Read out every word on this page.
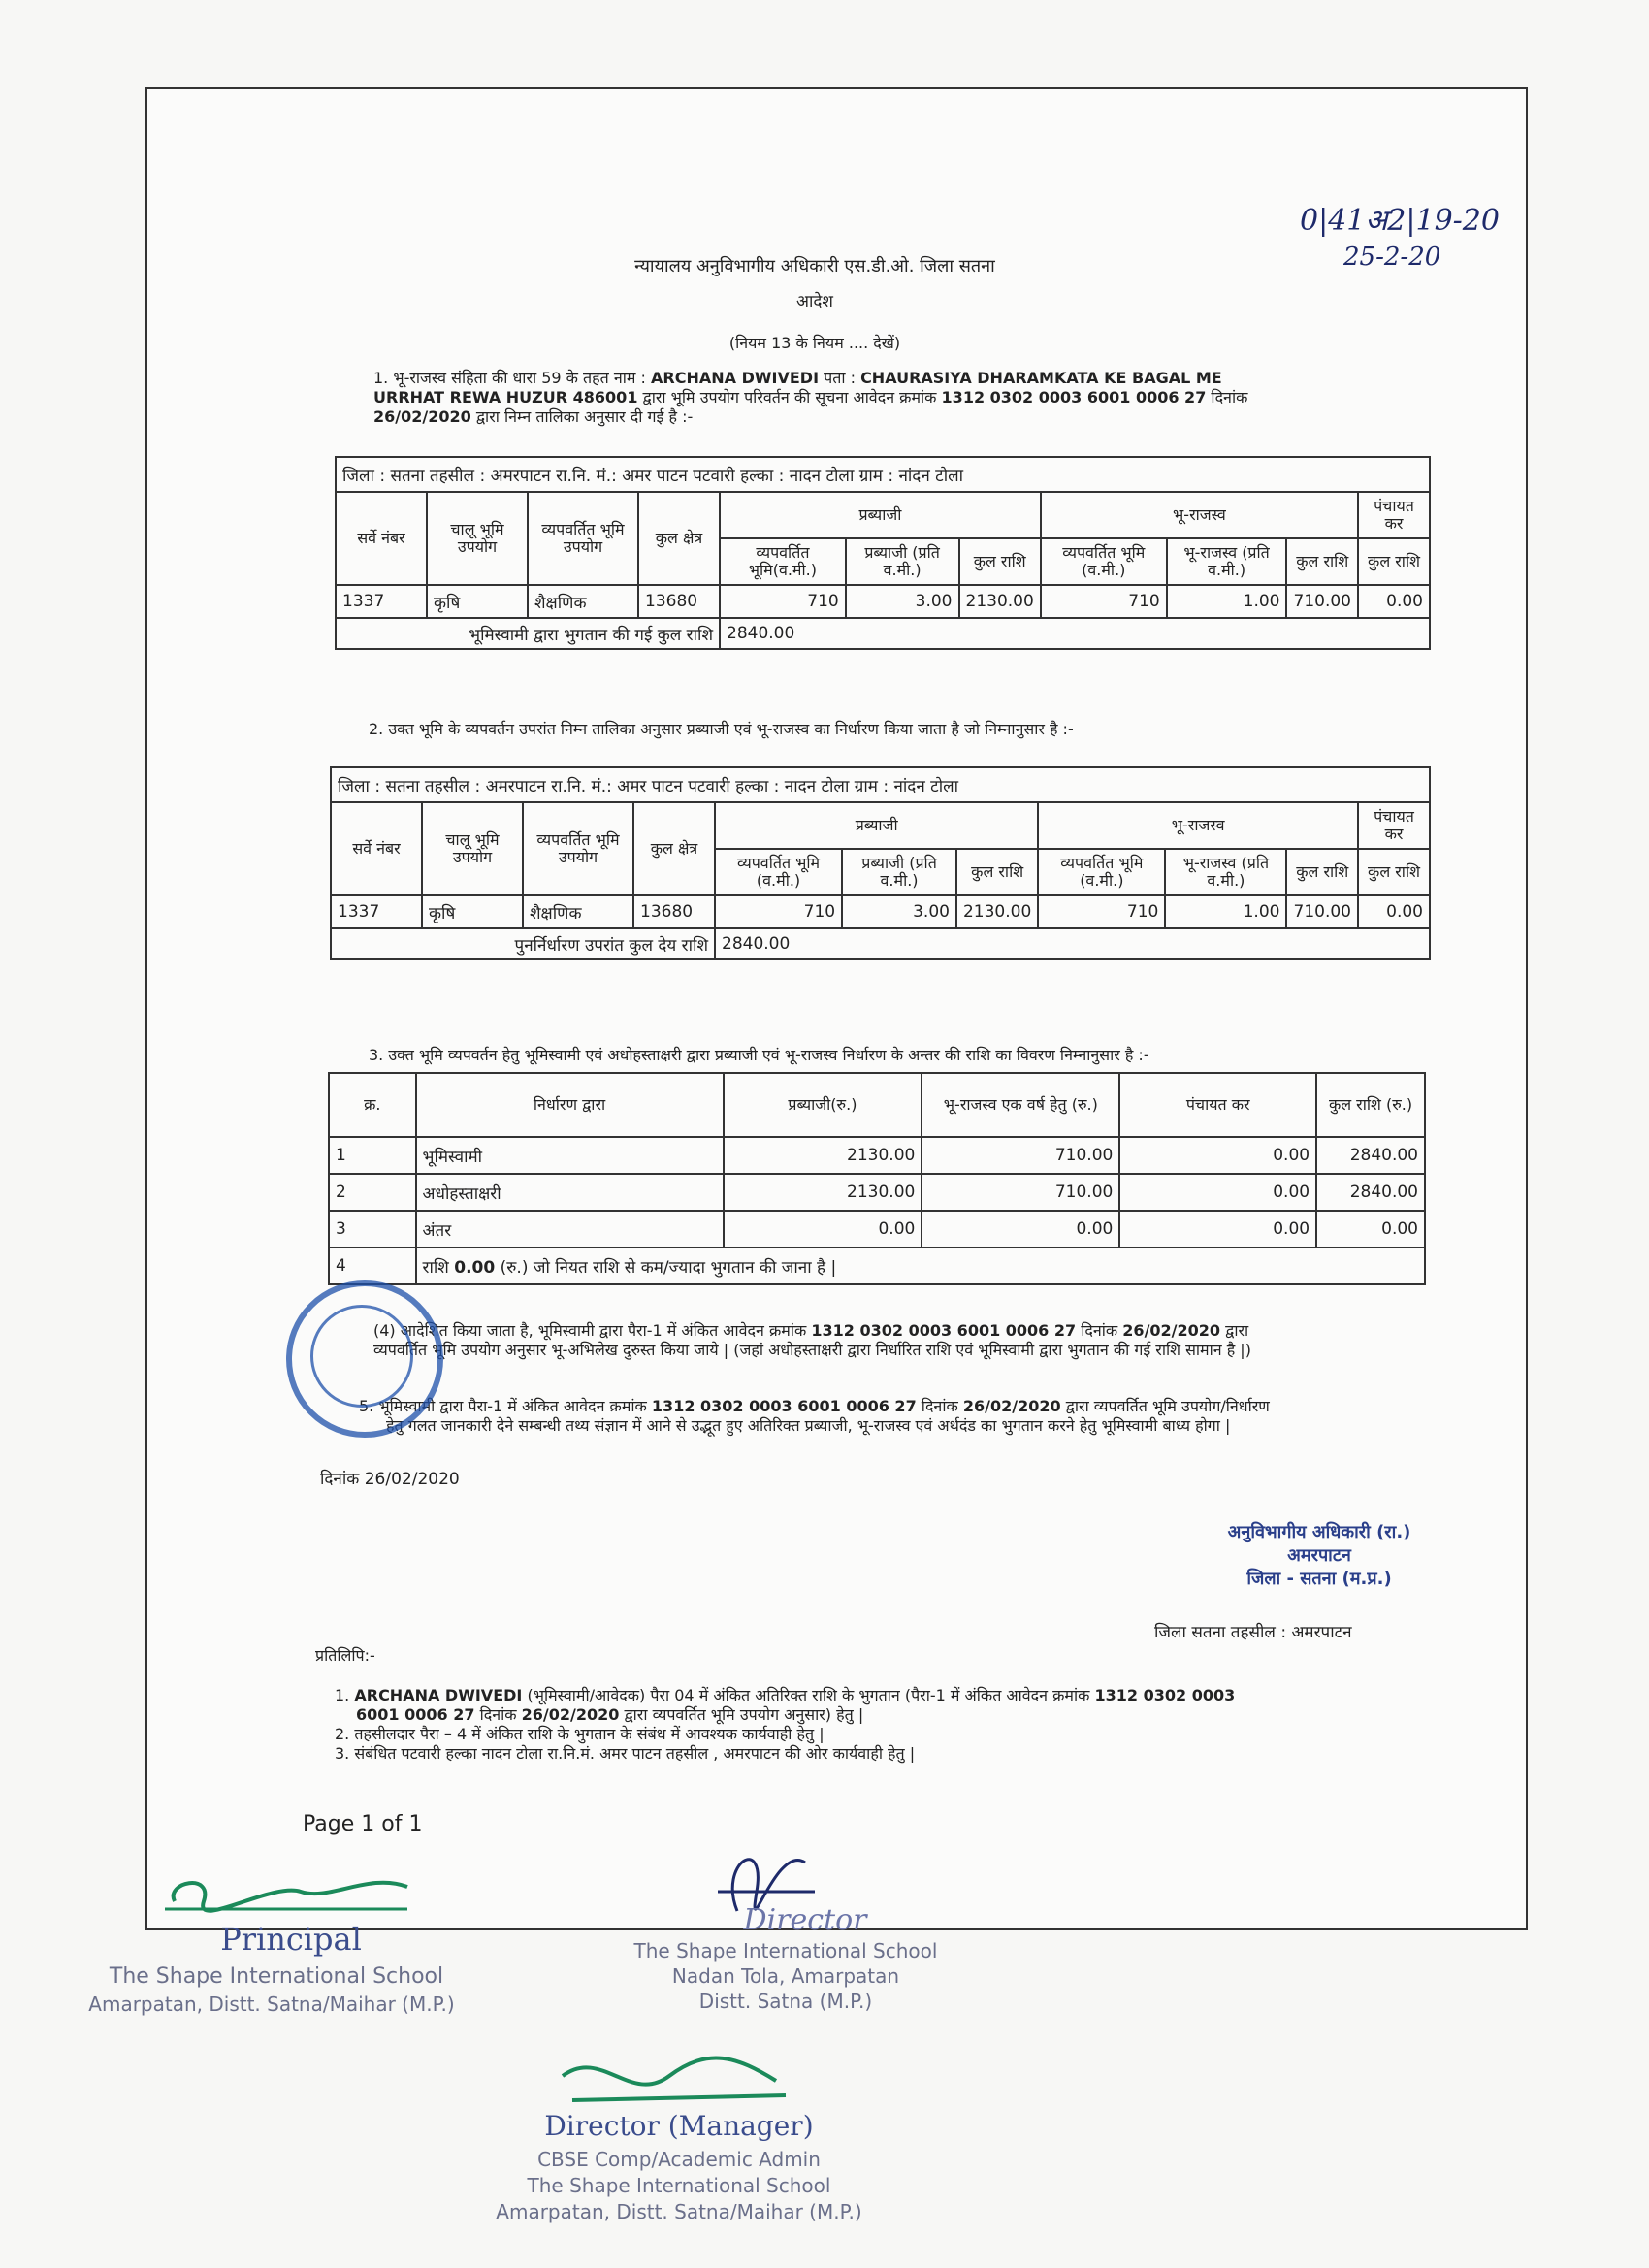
0|41अ2|19-20
25-2-20
न्यायालय अनुविभागीय अधिकारी एस.डी.ओ. जिला सतना
आदेश
(नियम 13 के नियम .... देखें)
1. भू-राजस्व संहिता की धारा 59 के तहत नाम : ARCHANA DWIVEDI पता : CHAURASIYA DHARAMKATA KE BAGAL ME
URRHAT REWA HUZUR 486001 द्वारा भूमि उपयोग परिवर्तन की सूचना आवेदन क्रमांक 1312 0302 0003 6001 0006 27 दिनांक
26/02/2020 द्वारा निम्न तालिका अनुसार दी गई है :-
जिला : सतना तहसील : अमरपाटन रा.नि. मं.: अमर पाटन पटवारी हल्का : नादन टोला ग्राम : नांदन टोला										
सर्वे नंबर	चालू भूमि उपयोग	व्यपवर्तित भूमि उपयोग	कुल क्षेत्र	प्रब्याजी			भू-राजस्व			पंचायत कर
				व्यपवर्तित भूमि(व.मी.)	प्रब्याजी (प्रति व.मी.)	कुल राशि	व्यपवर्तित भूमि (व.मी.)	भू-राजस्व (प्रति व.मी.)	कुल राशि	कुल राशि
1337	कृषि	शैक्षणिक	13680	710	3.00	2130.00	710	1.00	710.00	0.00
भूमिस्वामी द्वारा भुगतान की गई कुल राशि				2840.00						
2. उक्त भूमि के व्यपवर्तन उपरांत निम्न तालिका अनुसार प्रब्याजी एवं भू-राजस्व का निर्धारण किया जाता है जो निम्नानुसार है :-
जिला : सतना तहसील : अमरपाटन रा.नि. मं.: अमर पाटन पटवारी हल्का : नादन टोला ग्राम : नांदन टोला										
सर्वे नंबर	चालू भूमि उपयोग	व्यपवर्तित भूमि उपयोग	कुल क्षेत्र	प्रब्याजी			भू-राजस्व			पंचायत कर
				व्यपवर्तित भूमि (व.मी.)	प्रब्याजी (प्रति व.मी.)	कुल राशि	व्यपवर्तित भूमि (व.मी.)	भू-राजस्व (प्रति व.मी.)	कुल राशि	कुल राशि
1337	कृषि	शैक्षणिक	13680	710	3.00	2130.00	710	1.00	710.00	0.00
पुनर्निर्धारण उपरांत कुल देय राशि				2840.00						
3. उक्त भूमि व्यपवर्तन हेतु भूमिस्वामी एवं अधोहस्ताक्षरी द्वारा प्रब्याजी एवं भू-राजस्व निर्धारण के अन्तर की राशि का विवरण निम्नानुसार है :-
क्र.	निर्धारण द्वारा	प्रब्याजी(रु.)	भू-राजस्व एक वर्ष हेतु (रु.)	पंचायत कर	कुल राशि (रु.)
1	भूमिस्वामी	2130.00	710.00	0.00	2840.00
2	अधोहस्ताक्षरी	2130.00	710.00	0.00	2840.00
3	अंतर	0.00	0.00	0.00	0.00
4	राशि 0.00 (रु.) जो नियत राशि से कम/ज्यादा भुगतान की जाना है |				
(4) आदेशित किया जाता है, भूमिस्वामी द्वारा पैरा-1 में अंकित आवेदन क्रमांक 1312 0302 0003 6001 0006 27 दिनांक 26/02/2020 द्वारा
व्यपवर्तित भूमि उपयोग अनुसार भू-अभिलेख दुरुस्त किया जाये | (जहां अधोहस्ताक्षरी द्वारा निर्धारित राशि एवं भूमिस्वामी द्वारा भुगतान की गई राशि सामान है |)
5. भूमिस्वामी द्वारा पैरा-1 में अंकित आवेदन क्रमांक 1312 0302 0003 6001 0006 27 दिनांक 26/02/2020 द्वारा व्यपवर्तित भूमि उपयोग/निर्धारण
हेतु गलत जानकारी देने सम्बन्धी तथ्य संज्ञान में आने से उद्भूत हुए अतिरिक्त प्रब्याजी, भू-राजस्व एवं अर्थदंड का भुगतान करने हेतु भूमिस्वामी बाध्य होगा |
दिनांक 26/02/2020
अनुविभागीय अधिकारी (रा.)
अमरपाटन
जिला - सतना (म.प्र.)
जिला सतना तहसील : अमरपाटन
प्रतिलिपि:-
1. ARCHANA DWIVEDI (भूमिस्वामी/आवेदक) पैरा 04 में अंकित अतिरिक्त राशि के भुगतान (पैरा-1 में अंकित आवेदन क्रमांक 1312 0302 0003
6001 0006 27 दिनांक 26/02/2020 द्वारा व्यपवर्तित भूमि उपयोग अनुसार) हेतु |
2. तहसीलदार पैरा – 4 में अंकित राशि के भुगतान के संबंध में आवश्यक कार्यवाही हेतु |
3. संबंधित पटवारी हल्का नादन टोला रा.नि.मं. अमर पाटन तहसील , अमरपाटन की ओर कार्यवाही हेतु |
Page 1 of 1
Principal
The Shape International School
Amarpatan, Distt. Satna/Maihar (M.P.)
Director
The Shape International School
Nadan Tola, Amarpatan
Distt. Satna (M.P.)
Director (Manager)
CBSE Comp/Academic Admin
The Shape International School
Amarpatan, Distt. Satna/Maihar (M.P.)
